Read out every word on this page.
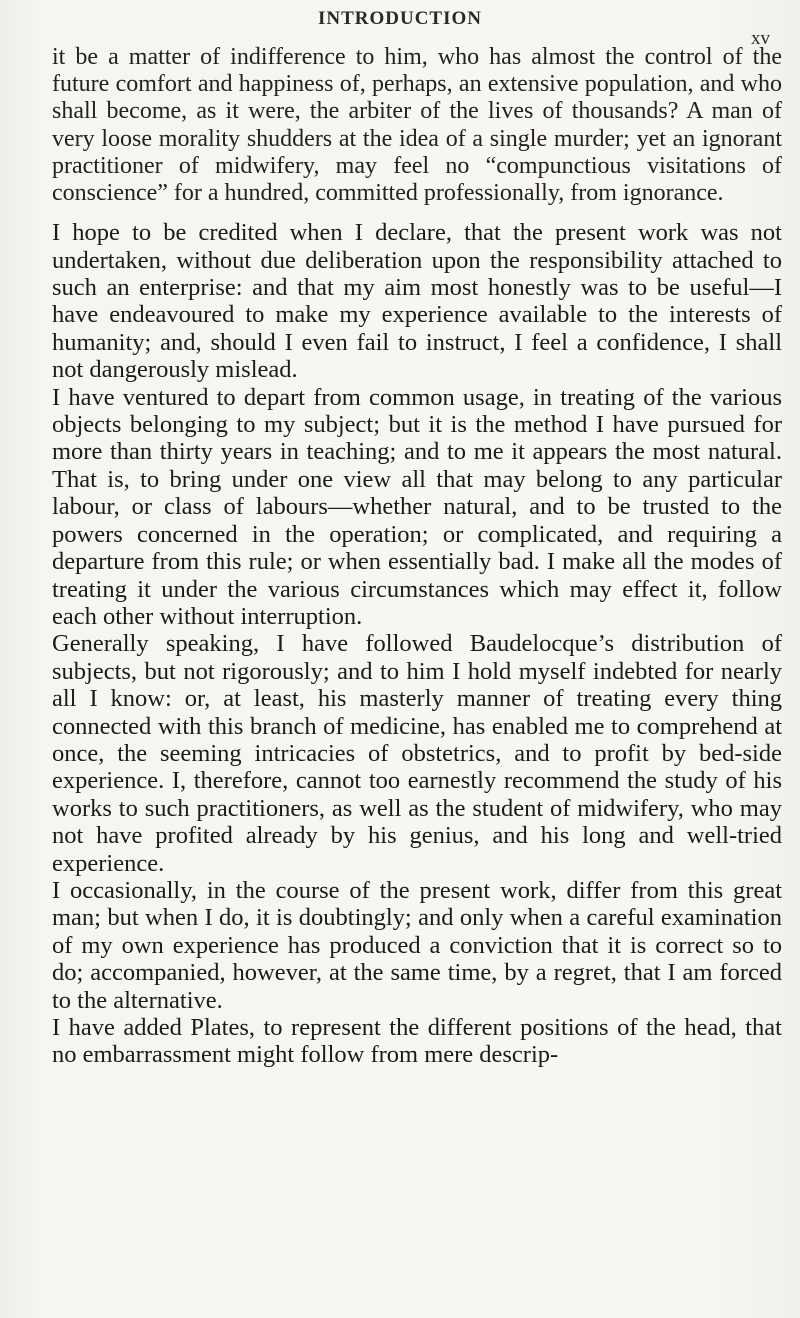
INTRODUCTION
xv

it be a matter of indifference to him, who has almost the control of the future comfort and happiness of, perhaps, an extensive population, and who shall become, as it were, the arbiter of the lives of thousands? A man of very loose morality shudders at the idea of a single murder; yet an ignorant practitioner of midwifery, may feel no “compunctious visitations of conscience” for a hundred, committed professionally, from ignorance.

I hope to be credited when I declare, that the present work was not undertaken, without due deliberation upon the responsibility attached to such an enterprise: and that my aim most honestly was to be useful—I have endeavoured to make my experience available to the interests of humanity; and, should I even fail to instruct, I feel a confidence, I shall not dangerously mislead.

I have ventured to depart from common usage, in treating of the various objects belonging to my subject; but it is the method I have pursued for more than thirty years in teaching; and to me it appears the most natural. That is, to bring under one view all that may belong to any particular labour, or class of labours—whether natural, and to be trusted to the powers concerned in the operation; or complicated, and requiring a departure from this rule; or when essentially bad. I make all the modes of treating it under the various circumstances which may effect it, follow each other without interruption.

Generally speaking, I have followed Baudelocque’s distribution of subjects, but not rigorously; and to him I hold myself indebted for nearly all I know: or, at least, his masterly manner of treating every thing connected with this branch of medicine, has enabled me to comprehend at once, the seeming intricacies of obstetrics, and to profit by bed-side experience. I, therefore, cannot too earnestly recommend the study of his works to such practitioners, as well as the student of midwifery, who may not have profited already by his genius, and his long and well-tried experience.

I occasionally, in the course of the present work, differ from this great man; but when I do, it is doubtingly; and only when a careful examination of my own experience has produced a conviction that it is correct so to do; accompanied, however, at the same time, by a regret, that I am forced to the alternative.

I have added Plates, to represent the different positions of the head, that no embarrassment might follow from mere descrip-
